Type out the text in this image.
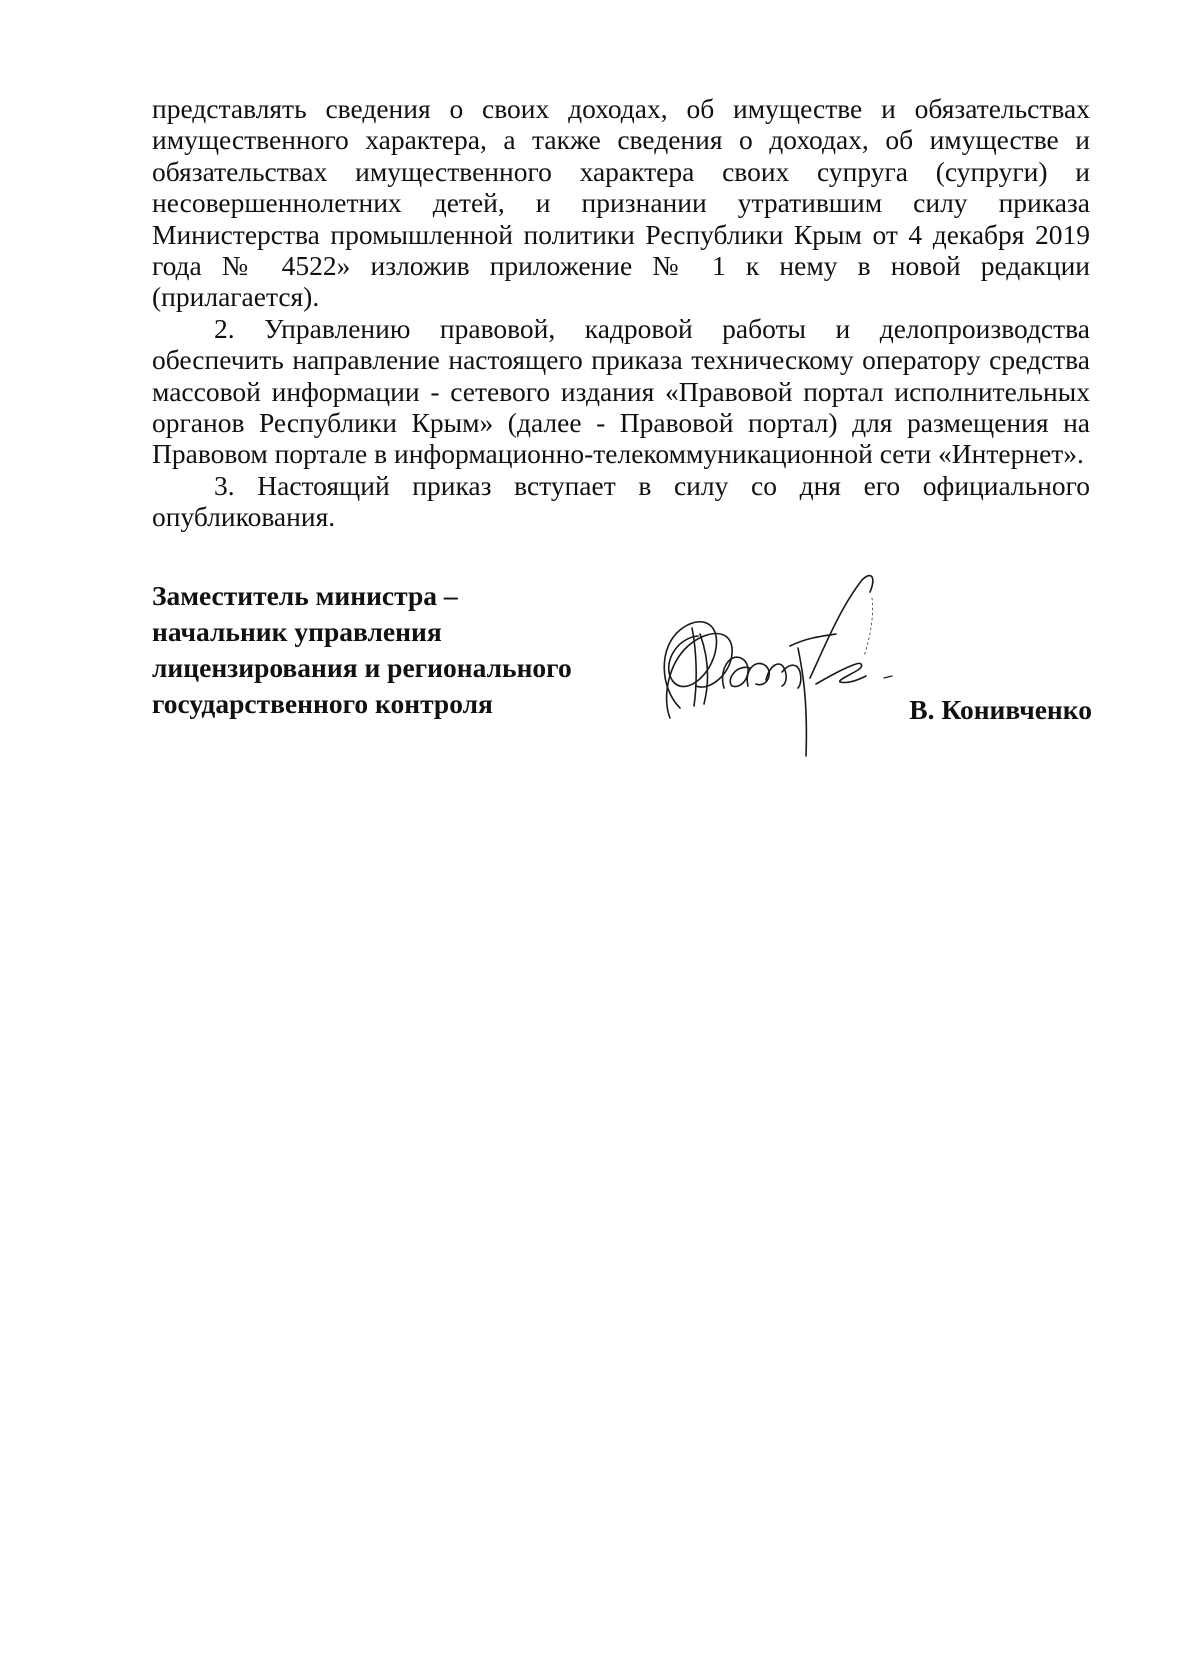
представлять сведения о своих доходах, об имуществе и обязательствах имущественного характера, а также сведения о доходах, об имуществе и обязательствах имущественного характера своих супруга (супруги) и несовершеннолетних детей, и признании утратившим силу приказа Министерства промышленной политики Республики Крым от 4 декабря 2019 года № 4522» изложив приложение № 1 к нему в новой редакции (прилагается).

2. Управлению правовой, кадровой работы и делопроизводства обеспечить направление настоящего приказа техническому оператору средства массовой информации - сетевого издания «Правовой портал исполнительных органов Республики Крым» (далее - Правовой портал) для размещения на Правовом портале в информационно-телекоммуникационной сети «Интернет».

3. Настоящий приказ вступает в силу со дня его официального опубликования.

Заместитель министра –
начальник управления
лицензирования и регионального
государственного контроля	В. Конивченко
